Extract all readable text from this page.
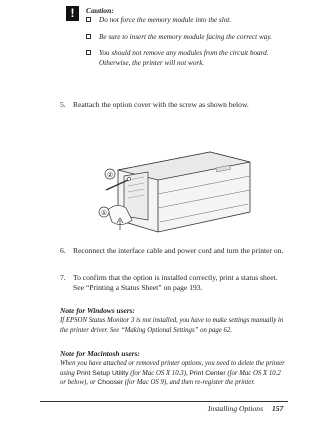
!	Caution:
Do not force the memory module into the slot.
Be sure to insert the memory module facing the correct way.
You should not remove any modules from the circuit board. Otherwise, the printer will not work.
5. Reattach the option cover with the screw as shown below.
②
①
6. Reconnect the interface cable and power cord and turn the printer on.
7. To confirm that the option is installed correctly, print a status sheet. See “Printing a Status Sheet” on page 193.
Note for Windows users:
If EPSON Status Monitor 3 is not installed, you have to make settings manually in the printer driver. See “Making Optional Settings” on page 62.
Note for Macintosh users:
When you have attached or removed printer options, you need to delete the printer using Print Setup Utility (for Mac OS X 10.3), Print Center (for Mac OS X 10.2 or below), or Chooser (for Mac OS 9), and then re-register the printer.
Installing Options 157
